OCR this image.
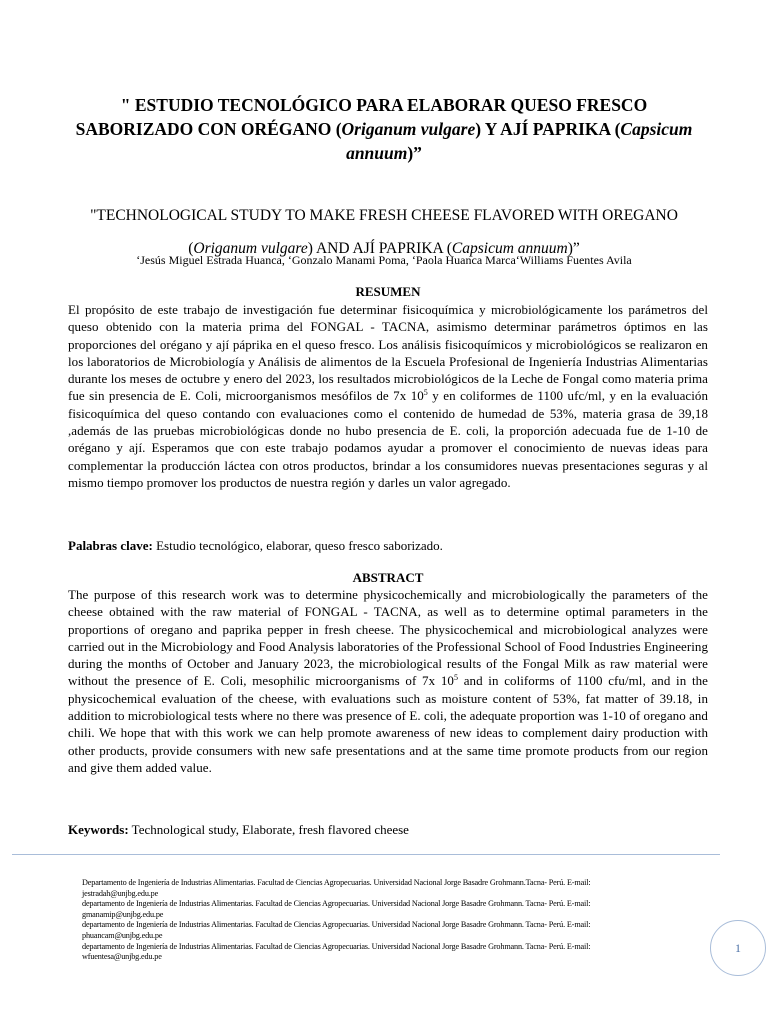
" ESTUDIO TECNOLÓGICO PARA ELABORAR QUESO FRESCO SABORIZADO CON ORÉGANO (Origanum vulgare) Y AJÍ PAPRIKA (Capsicum annuum)”
"TECHNOLOGICAL STUDY TO MAKE FRESH CHEESE FLAVORED WITH OREGANO (Origanum vulgare) AND AJÍ PAPRIKA (Capsicum annuum)”
‘Jesús Miguel Estrada Huanca, ‘Gonzalo Manami Poma, ‘Paola Huanca Marca‘Williams Fuentes Avila
RESUMEN
El propósito de este trabajo de investigación fue determinar fisicoquímica y microbiológicamente los parámetros del queso obtenido con la materia prima del FONGAL - TACNA, asimismo determinar parámetros óptimos en las proporciones del orégano y ají páprika en el queso fresco. Los análisis fisicoquímicos y microbiológicos se realizaron en los laboratorios de Microbiología y Análisis de alimentos de la Escuela Profesional de Ingeniería Industrias Alimentarias durante los meses de octubre y enero del 2023, los resultados microbiológicos de la Leche de Fongal como materia prima fue sin presencia de E. Coli, microorganismos mesófilos de 7x $10^5$ y en coliformes de 1100 ufc/ml, y en la evaluación fisicoquímica del queso contando con evaluaciones como el contenido de humedad de 53%, materia grasa de 39,18 ,además de las pruebas microbiológicas donde no hubo presencia de E. coli, la proporción adecuada fue de 1-10 de orégano y ají. Esperamos que con este trabajo podamos ayudar a promover el conocimiento de nuevas ideas para complementar la producción láctea con otros productos, brindar a los consumidores nuevas presentaciones seguras y al mismo tiempo promover los productos de nuestra región y darles un valor agregado.
Palabras clave: Estudio tecnológico, elaborar, queso fresco saborizado.
ABSTRACT
The purpose of this research work was to determine physicochemically and microbiologically the parameters of the cheese obtained with the raw material of FONGAL - TACNA, as well as to determine optimal parameters in the proportions of oregano and paprika pepper in fresh cheese. The physicochemical and microbiological analyzes were carried out in the Microbiology and Food Analysis laboratories of the Professional School of Food Industries Engineering during the months of October and January 2023, the microbiological results of the Fongal Milk as raw material were without the presence of E. Coli, mesophilic microorganisms of 7x $10^5$ and in coliforms of 1100 cfu/ml, and in the physicochemical evaluation of the cheese, with evaluations such as moisture content of 53%, fat matter of 39.18, in addition to microbiological tests where no there was presence of E. coli, the adequate proportion was 1-10 of oregano and chili. We hope that with this work we can help promote awareness of new ideas to complement dairy production with other products, provide consumers with new safe presentations and at the same time promote products from our region and give them added value.
Keywords: Technological study, Elaborate, fresh flavored cheese
Departamento de Ingeniería de Industrias Alimentarias. Facultad de Ciencias Agropecuarias. Universidad Nacional Jorge Basadre Grohmann.Tacna- Perú. E-mail: jestradah@unjbg.edu.pe
departamento de Ingeniería de Industrias Alimentarias. Facultad de Ciencias Agropecuarias. Universidad Nacional Jorge Basadre Grohmann. Tacna- Perú. E-mail: gmanamip@unjbg.edu.pe
departamento de Ingeniería de Industrias Alimentarias. Facultad de Ciencias Agropecuarias. Universidad Nacional Jorge Basadre Grohmann. Tacna- Perú. E-mail: phuancam@unjbg.edu.pe
departamento de Ingeniería de Industrias Alimentarias. Facultad de Ciencias Agropecuarias. Universidad Nacional Jorge Basadre Grohmann. Tacna- Perú. E-mail: wfuentesa@unjbg.edu.pe
1
